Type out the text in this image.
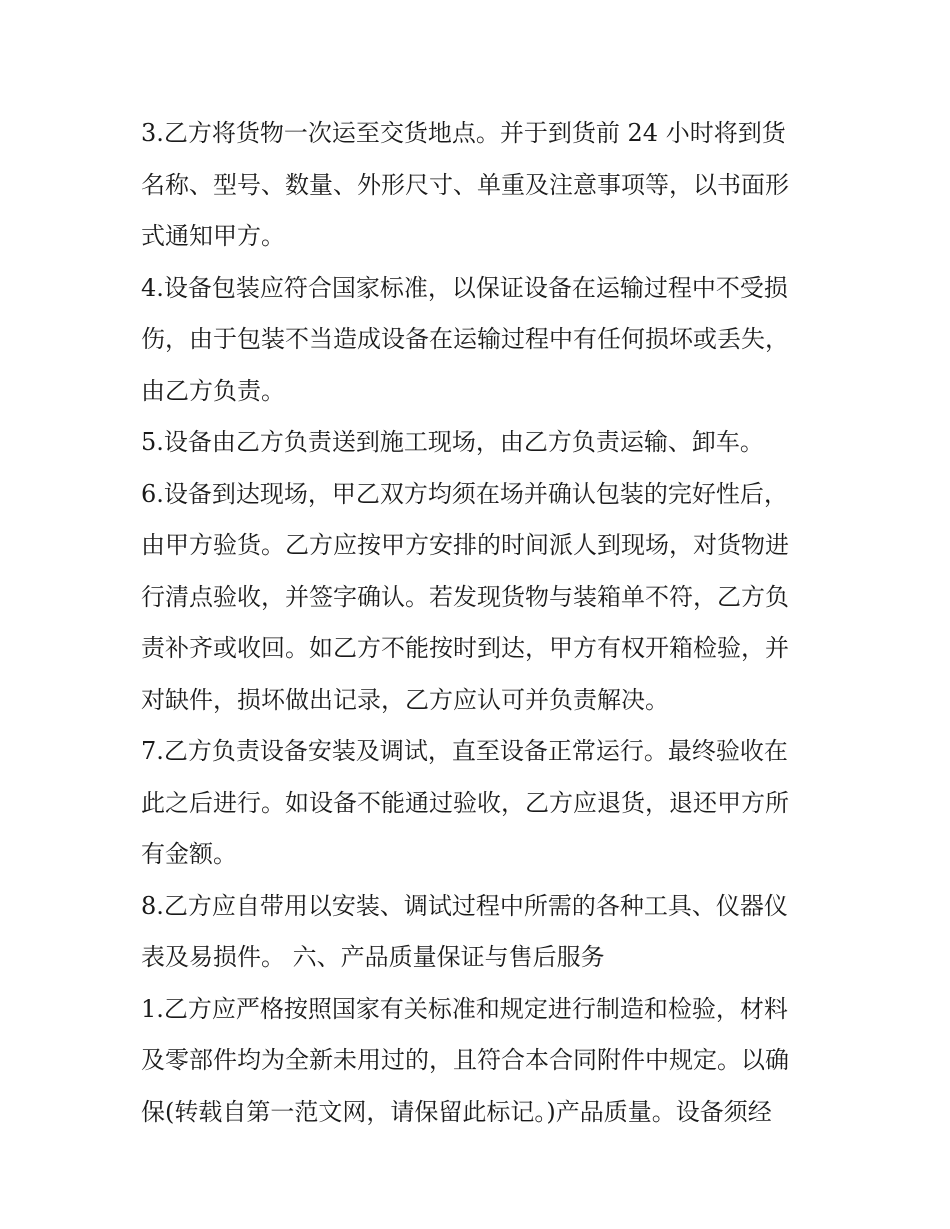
3.乙方将货物一次运至交货地点。并于到货前 24 小时将到货
名称、型号、数量、外形尺寸、单重及注意事项等，以书面形
式通知甲方。
4.设备包装应符合国家标准，以保证设备在运输过程中不受损
伤，由于包装不当造成设备在运输过程中有任何损坏或丢失，
由乙方负责。
5.设备由乙方负责送到施工现场，由乙方负责运输、卸车。
6.设备到达现场，甲乙双方均须在场并确认包装的完好性后，
由甲方验货。乙方应按甲方安排的时间派人到现场，对货物进
行清点验收，并签字确认。若发现货物与装箱单不符，乙方负
责补齐或收回。如乙方不能按时到达，甲方有权开箱检验，并
对缺件，损坏做出记录，乙方应认可并负责解决。
7.乙方负责设备安装及调试，直至设备正常运行。最终验收在
此之后进行。如设备不能通过验收，乙方应退货，退还甲方所
有金额。
8.乙方应自带用以安装、调试过程中所需的各种工具、仪器仪
表及易损件。 六、产品质量保证与售后服务
1.乙方应严格按照国家有关标准和规定进行制造和检验，材料
及零部件均为全新未用过的，且符合本合同附件中规定。以确
保(转载自第一范文网，请保留此标记。)产品质量。设备须经
